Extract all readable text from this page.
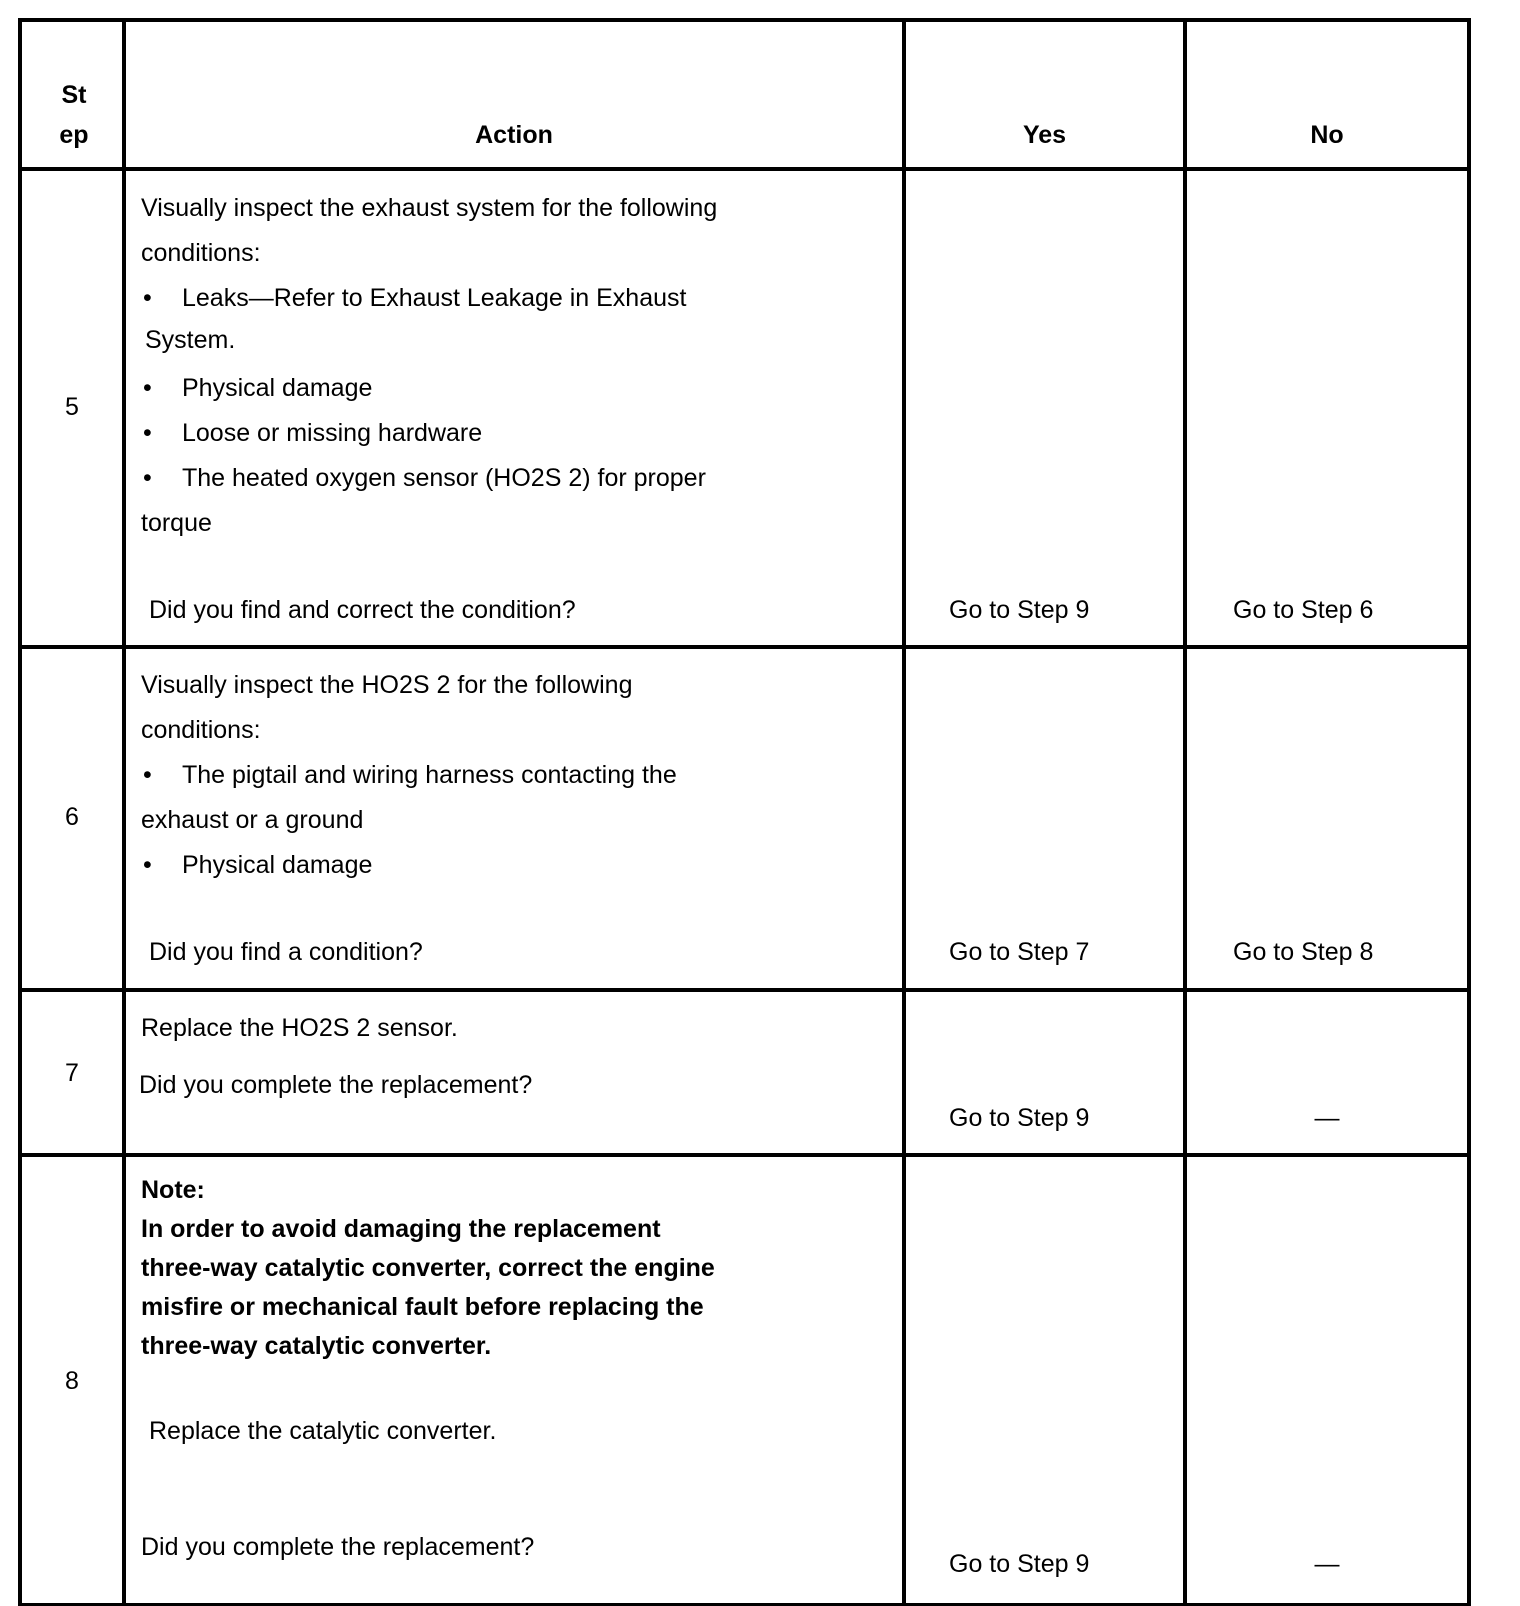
St
ep	Action	Yes	No
5
Visually inspect the exhaust system for the following
conditions:
• Leaks—Refer to Exhaust Leakage in Exhaust
System.
• Physical damage
• Loose or missing hardware
• The heated oxygen sensor (HO2S 2) for proper
torque
Did you find and correct the condition?	Go to Step 9	Go to Step 6
6
Visually inspect the HO2S 2 for the following
conditions:
• The pigtail and wiring harness contacting the
exhaust or a ground
• Physical damage
Did you find a condition?	Go to Step 7	Go to Step 8
7
Replace the HO2S 2 sensor.
Did you complete the replacement?
Go to Step 9	—
8
Note:
In order to avoid damaging the replacement
three-way catalytic converter, correct the engine
misfire or mechanical fault before replacing the
three-way catalytic converter.
Replace the catalytic converter.
Did you complete the replacement?
Go to Step 9	—
